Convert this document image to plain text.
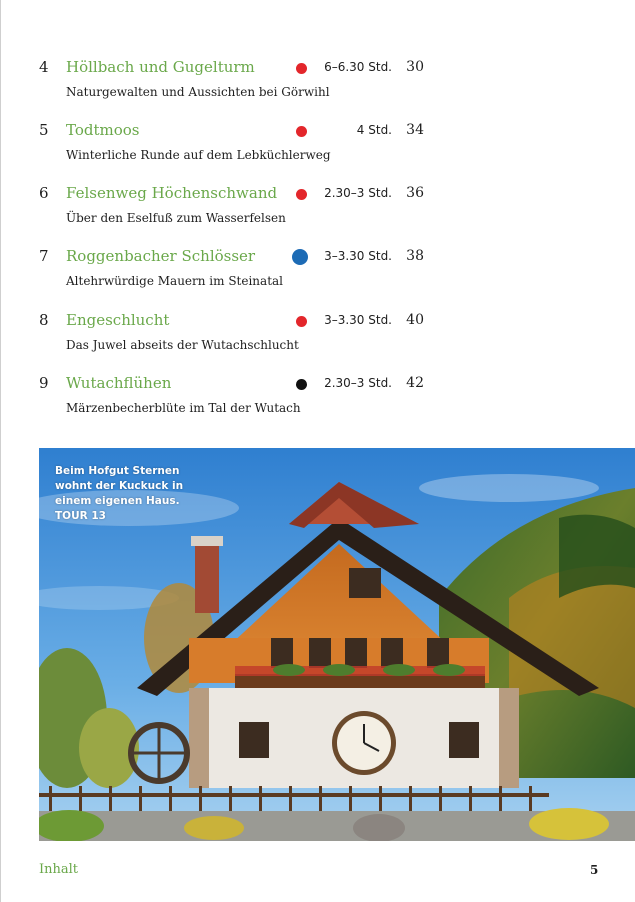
4 Höllbach und Gugelturm	6–6.30 Std. 30
Naturgewalten und Aussichten bei Görwihl
5 Todtmoos	4 Std. 34
Winterliche Runde auf dem Lebküchlerweg
6 Felsenweg Höchenschwand	2.30–3 Std. 36
Über den Eselfuß zum Wasserfelsen
7 Roggenbacher Schlösser	3–3.30 Std. 38
Altehrwürdige Mauern im Steinatal
8 Engeschlucht	3–3.30 Std. 40
Das Juwel abseits der Wutachschlucht
9 Wutachflühen	2.30–3 Std. 42
Märzenbecherblüte im Tal der Wutach
Beim Hofgut Sternen wohnt der Kuckuck in einem eigenen Haus. TOUR 13
Inhalt	5
